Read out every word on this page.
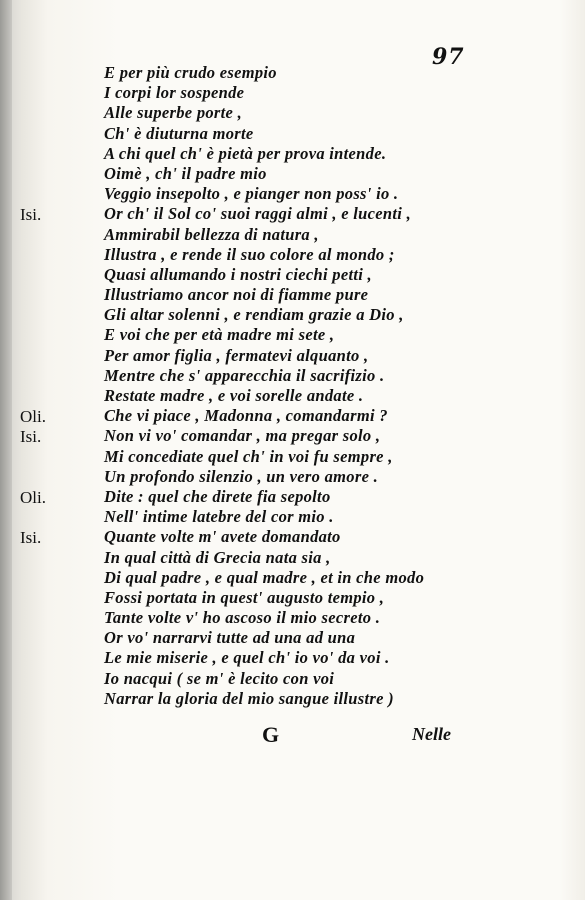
97
E per più crudo esempio
I corpi lor sospende
Alle superbe porte ,
Ch' è diuturna morte
A chi quel ch' è pietà per prova intende.
Oimè , ch' il padre mio
Veggio insepolto , e pianger non poss' io .
Isi.	Or ch' il Sol co' suoi raggi almi , e lucenti ,
Ammirabil bellezza di natura ,
Illustra , e rende il suo colore al mondo ;
Quasi allumando i nostri ciechi petti ,
Illustriamo ancor noi di fiamme pure
Gli altar solenni , e rendiam grazie a Dio ,
E voi che per età madre mi sete ,
Per amor figlia , fermatevi alquanto ,
Mentre che s' apparecchia il sacrifizio .
Restate madre , e voi sorelle andate .
Oli.	Che vi piace , Madonna , comandarmi ?
Isi.	Non vi vo' comandar , ma pregar solo ,
Mi concediate quel ch' in voi fu sempre ,
Un profondo silenzio , un vero amore .
Oli.	Dite : quel che direte fia sepolto
Nell' intime latebre del cor mio .
Isi.	Quante volte m' avete domandato
In qual città di Grecia nata sia ,
Di qual padre , e qual madre , et in che modo
Fossi portata in quest' augusto tempio ,
Tante volte v' ho ascoso il mio secreto .
Or vo' narrarvi tutte ad una ad una
Le mie miserie , e quel ch' io vo' da voi .
Io nacqui ( se m' è lecito con voi
Narrar la gloria del mio sangue illustre )
G	Nelle
